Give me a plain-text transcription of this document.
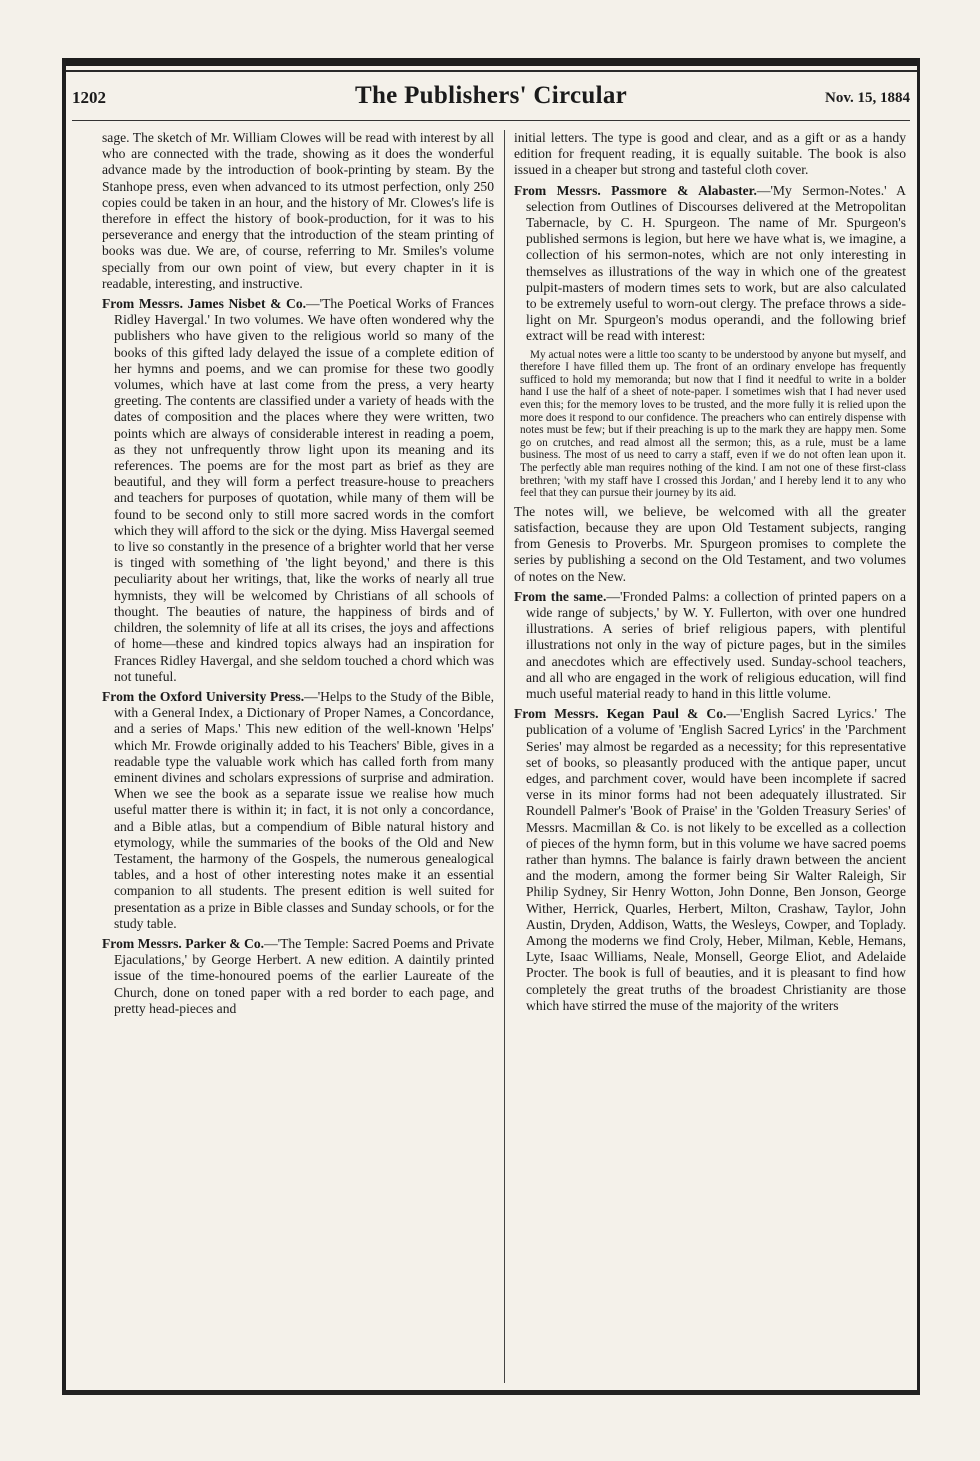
1202	The Publishers' Circular	Nov. 15, 1884

sage. The sketch of Mr. William Clowes will be read with interest by all who are connected with the trade, showing as it does the wonderful advance made by the introduction of book-printing by steam. By the Stanhope press, even when advanced to its utmost perfection, only 250 copies could be taken in an hour, and the history of Mr. Clowes's life is therefore in effect the history of book-production, for it was to his perseverance and energy that the introduction of the steam printing of books was due. We are, of course, referring to Mr. Smiles's volume specially from our own point of view, but every chapter in it is readable, interesting, and instructive.

From Messrs. James Nisbet & Co.—'The Poetical Works of Frances Ridley Havergal.' In two volumes. We have often wondered why the publishers who have given to the religious world so many of the books of this gifted lady delayed the issue of a complete edition of her hymns and poems, and we can promise for these two goodly volumes, which have at last come from the press, a very hearty greeting. The contents are classified under a variety of heads with the dates of composition and the places where they were written, two points which are always of considerable interest in reading a poem, as they not unfrequently throw light upon its meaning and its references. The poems are for the most part as brief as they are beautiful, and they will form a perfect treasure-house to preachers and teachers for purposes of quotation, while many of them will be found to be second only to still more sacred words in the comfort which they will afford to the sick or the dying. Miss Havergal seemed to live so constantly in the presence of a brighter world that her verse is tinged with something of 'the light beyond,' and there is this peculiarity about her writings, that, like the works of nearly all true hymnists, they will be welcomed by Christians of all schools of thought. The beauties of nature, the happiness of birds and of children, the solemnity of life at all its crises, the joys and affections of home—these and kindred topics always had an inspiration for Frances Ridley Havergal, and she seldom touched a chord which was not tuneful.

From the Oxford University Press.—'Helps to the Study of the Bible, with a General Index, a Dictionary of Proper Names, a Concordance, and a series of Maps.' This new edition of the well-known 'Helps' which Mr. Frowde originally added to his Teachers' Bible, gives in a readable type the valuable work which has called forth from many eminent divines and scholars expressions of surprise and admiration. When we see the book as a separate issue we realise how much useful matter there is within it; in fact, it is not only a concordance, and a Bible atlas, but a compendium of Bible natural history and etymology, while the summaries of the books of the Old and New Testament, the harmony of the Gospels, the numerous genealogical tables, and a host of other interesting notes make it an essential companion to all students. The present edition is well suited for presentation as a prize in Bible classes and Sunday schools, or for the study table.

From Messrs. Parker & Co.—'The Temple: Sacred Poems and Private Ejaculations,' by George Herbert. A new edition. A daintily printed issue of the time-honoured poems of the earlier Laureate of the Church, done on toned paper with a red border to each page, and pretty head-pieces and

initial letters. The type is good and clear, and as a gift or as a handy edition for frequent reading, it is equally suitable. The book is also issued in a cheaper but strong and tasteful cloth cover.

From Messrs. Passmore & Alabaster.—'My Sermon-Notes.' A selection from Outlines of Discourses delivered at the Metropolitan Tabernacle, by C. H. Spurgeon. The name of Mr. Spurgeon's published sermons is legion, but here we have what is, we imagine, a collection of his sermon-notes, which are not only interesting in themselves as illustrations of the way in which one of the greatest pulpit-masters of modern times sets to work, but are also calculated to be extremely useful to worn-out clergy. The preface throws a side-light on Mr. Spurgeon's modus operandi, and the following brief extract will be read with interest:

My actual notes were a little too scanty to be understood by anyone but myself, and therefore I have filled them up. The front of an ordinary envelope has frequently sufficed to hold my memoranda; but now that I find it needful to write in a bolder hand I use the half of a sheet of note-paper. I sometimes wish that I had never used even this; for the memory loves to be trusted, and the more fully it is relied upon the more does it respond to our confidence. The preachers who can entirely dispense with notes must be few; but if their preaching is up to the mark they are happy men. Some go on crutches, and read almost all the sermon; this, as a rule, must be a lame business. The most of us need to carry a staff, even if we do not often lean upon it. The perfectly able man requires nothing of the kind. I am not one of these first-class brethren; 'with my staff have I crossed this Jordan,' and I hereby lend it to any who feel that they can pursue their journey by its aid.

The notes will, we believe, be welcomed with all the greater satisfaction, because they are upon Old Testament subjects, ranging from Genesis to Proverbs. Mr. Spurgeon promises to complete the series by publishing a second on the Old Testament, and two volumes of notes on the New.

From the same.—'Fronded Palms: a collection of printed papers on a wide range of subjects,' by W. Y. Fullerton, with over one hundred illustrations. A series of brief religious papers, with plentiful illustrations not only in the way of picture pages, but in the similes and anecdotes which are effectively used. Sunday-school teachers, and all who are engaged in the work of religious education, will find much useful material ready to hand in this little volume.

From Messrs. Kegan Paul & Co.—'English Sacred Lyrics.' The publication of a volume of 'English Sacred Lyrics' in the 'Parchment Series' may almost be regarded as a necessity; for this representative set of books, so pleasantly produced with the antique paper, uncut edges, and parchment cover, would have been incomplete if sacred verse in its minor forms had not been adequately illustrated. Sir Roundell Palmer's 'Book of Praise' in the 'Golden Treasury Series' of Messrs. Macmillan & Co. is not likely to be excelled as a collection of pieces of the hymn form, but in this volume we have sacred poems rather than hymns. The balance is fairly drawn between the ancient and the modern, among the former being Sir Walter Raleigh, Sir Philip Sydney, Sir Henry Wotton, John Donne, Ben Jonson, George Wither, Herrick, Quarles, Herbert, Milton, Crashaw, Taylor, John Austin, Dryden, Addison, Watts, the Wesleys, Cowper, and Toplady. Among the moderns we find Croly, Heber, Milman, Keble, Hemans, Lyte, Isaac Williams, Neale, Monsell, George Eliot, and Adelaide Procter. The book is full of beauties, and it is pleasant to find how completely the great truths of the broadest Christianity are those which have stirred the muse of the majority of the writers
